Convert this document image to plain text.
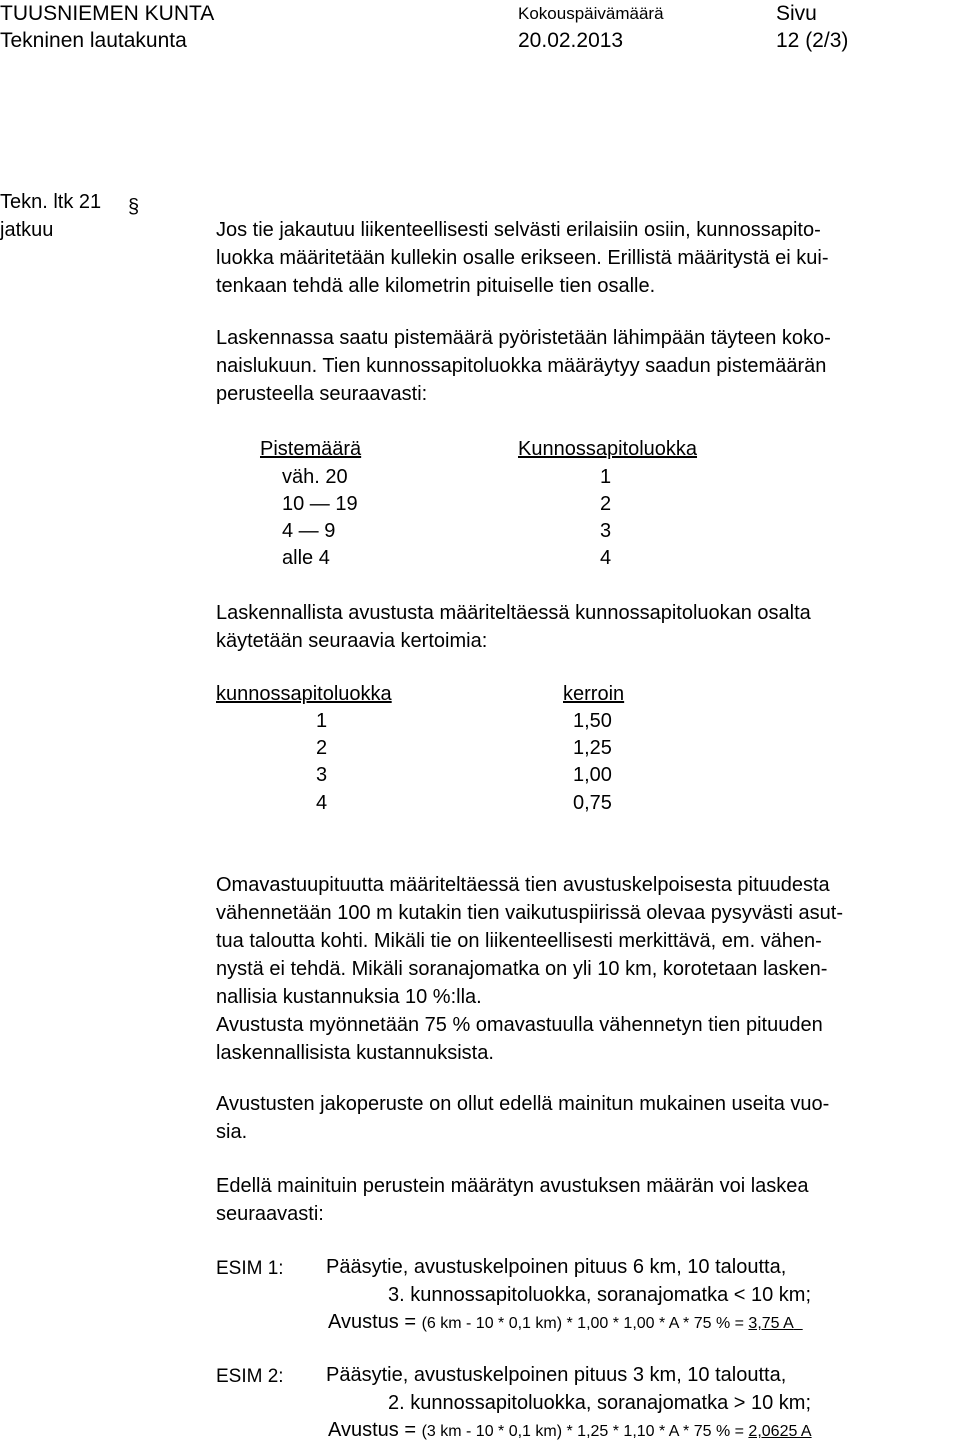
TUUSNIEMEN KUNTA
Tekninen lautakunta
Kokouspäivämäärä
20.02.2013
Sivu
12 (2/3)
Tekn. ltk 21 §
jatkuu	Jos tie jakautuu liikenteellisesti selvästi erilaisiin osiin, kunnossapito-
luokka määritetään kullekin osalle erikseen. Erillistä määritystä ei kui-
tenkaan tehdä alle kilometrin pituiselle tien osalle.
Laskennassa saatu pistemäärä pyöristetään lähimpään täyteen koko-
naislukuun. Tien kunnossapitoluokka määräytyy saadun pistemäärän
perusteella seuraavasti:
Pistemäärä	Kunnossapitoluokka
väh. 20	1
10 — 19	2
4 — 9	3
alle 4	4
Laskennallista avustusta määriteltäessä kunnossapitoluokan osalta
käytetään seuraavia kertoimia:
kunnossapitoluokka	kerroin
1	1,50
2	1,25
3	1,00
4	0,75
Omavastuupituutta määriteltäessä tien avustuskelpoisesta pituudesta
vähennetään 100 m kutakin tien vaikutuspiirissä olevaa pysyvästi asut-
tua taloutta kohti. Mikäli tie on liikenteellisesti merkittävä, em. vähen-
nystä ei tehdä. Mikäli soranajomatka on yli 10 km, korotetaan lasken-
nallisia kustannuksia 10 %:lla.
Avustusta myönnetään 75 % omavastuulla vähennetyn tien pituuden
laskennallisista kustannuksista.
Avustusten jakoperuste on ollut edellä mainitun mukainen useita vuo-
sia.
Edellä mainituin perustein määrätyn avustuksen määrän voi laskea
seuraavasti:
ESIM 1: Pääsytie, avustuskelpoinen pituus 6 km, 10 taloutta,
3. kunnossapitoluokka, soranajomatka < 10 km;
Avustus = (6 km - 10 * 0,1 km) * 1,00 * 1,00 * A * 75 % = 3,75 A
ESIM 2: Pääsytie, avustuskelpoinen pituus 3 km, 10 taloutta,
2. kunnossapitoluokka, soranajomatka > 10 km;
Avustus = (3 km - 10 * 0,1 km) * 1,25 * 1,10 * A * 75 % = 2,0625 A
